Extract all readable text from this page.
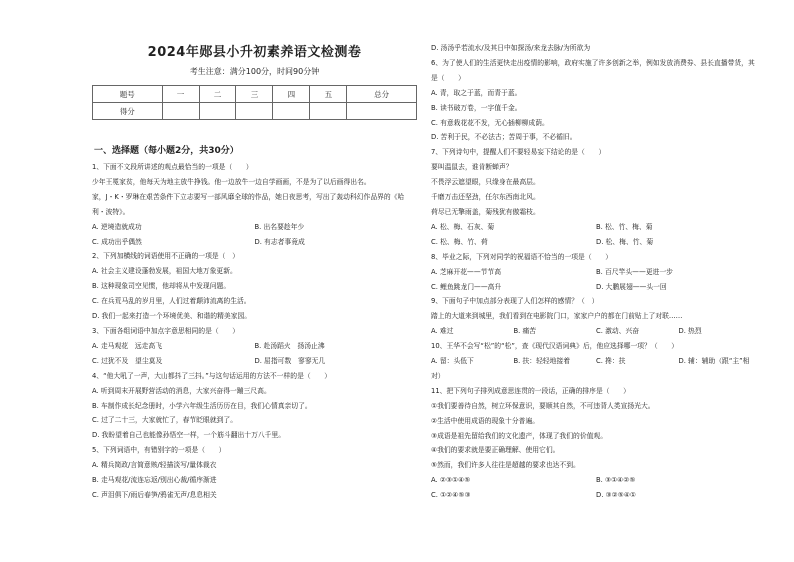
2024年郧县小升初素养语文检测卷
考生注意：满分100分，时间90分钟
题号	一	二	三	四	五	总分
得分						
一、选择题（每小题2分，共30分）
1、下面不文段所讲述的观点最恰当的一项是（　　）
少年王冕家贫，他每天为地主放牛挣钱。他一边放牛一边自学画画，不是为了以后画得出名。
家，J・K・罗琳在艰苦条件下立志要写一部风靡全球的作品，她日夜思考，写出了轰动科幻作品界的《哈
利・波特》。
A. 逆境造就成功	B. 出名要趁年少
C. 成功出乎偶然	D. 有志者事竟成
2、下列加横线的词语使用不正确的一项是（　）
A. 社会主义建设蓬勃发展，祖国大地万象更新。
B. 这种现象司空见惯，他却将从中发现问题。
C. 在兵荒马乱的岁月里，人们过着颠沛流离的生活。
D. 我们一起来打造一个环境优美、和谐的精美家园。
3、下面各组词语中加点字意思相同的是（　　）
A. 走马观花　远走高飞	B. 赴汤蹈火　扬汤止沸
C. 过犹不及　望尘莫及	D. 屈指可数　寥寥无几
4、“他大吼了一声，大山都抖了三抖。”与这句话运用的方法不一样的是（　　）
A. 听到周末开展野营活动的消息，大家兴奋得一蹦三尺高。
B. 车制作成长纪念册时，小学六年级生活历历在目，我们心情真亲切了。
C. 过了二十三，大家就忙了，春节眨眼就到了。
D. 我盼望着自己也能像孙悟空一样，一个筋斗翻出十万八千里。
5、下列词语中，有错别字的一项是（　　）
A. 精兵简政/言简意赅/轻描淡写/量体裁衣
B. 走马观花/流连忘返/别出心裁/循序渐进
C. 声泪俱下/雨后春笋/鸦雀无声/息息相关
D. 汤汤乎若流水/及其日中如探汤/来龙去脉/为所欲为
6、为了使人们的生活更快走出疫情的影响，政府实施了许多创新之举，例如发放消费券、县长直播带货，其
是（　　）
A. 青，取之于蓝，而青于蓝。
B. 读书破万卷，一字值千金。
C. 有意栽花花不发，无心插柳柳成荫。
D. 苦利于民，不必法古；苦周于事，不必循旧。
7、下列诗句中，提醒人们不要轻易妄下结论的是（　　）
要叫温鼠去，谁肯断蝉声？
不畏浮云遮望眼，只缘身在最高层。
千磨万击还坚劲，任尔东西南北风。
荷尽已无擎雨盖，菊残犹有傲霜枝。
A. 松、梅、石灰、菊	B. 松、竹、梅、菊
C. 松、梅、竹、荷	D. 松、梅、竹、菊
8、毕业之际，下列对同学的祝福语不恰当的一项是（　　）
A. 芝麻开花——节节高	B. 百尺竿头——更进一步
C. 鲤鱼跳龙门——高升	D. 大鹏展翅——头一回
9、下面句子中加点部分表现了人们怎样的感情？（　）
踏上的大道来到城里，我们看到在电影院门口，家家户户的都在门前贴上了对联……
A. 难过	B. 痛苦	C. 激动、兴奋	D. 热烈
10、王华不会写“松”的“松”，查《现代汉语词典》后，他应选择哪一项？（　　）
A. 留：头低下	B. 扶：轻轻地接着	C. 搀：扶	D. 辅：辅助（跟“主”相
对）
11、把下列句子排列成意思连贯的一段话，正确的排序是（　　）
①我们要善待自然，树立环保意识，要顺其自然，不可违背人类宣扬光大。
②生活中使用成语的现象十分普遍。
③成语是祖先留给我们的文化遗产，体现了我们的价值观。
④我们的要求就是要正确理解、使用它们。
⑤然而，我们许多人往往是超越的要求也达不到。
A. ②③①④⑤	B. ③①④②⑤
C. ①②④⑤③	D. ③②⑤④①
